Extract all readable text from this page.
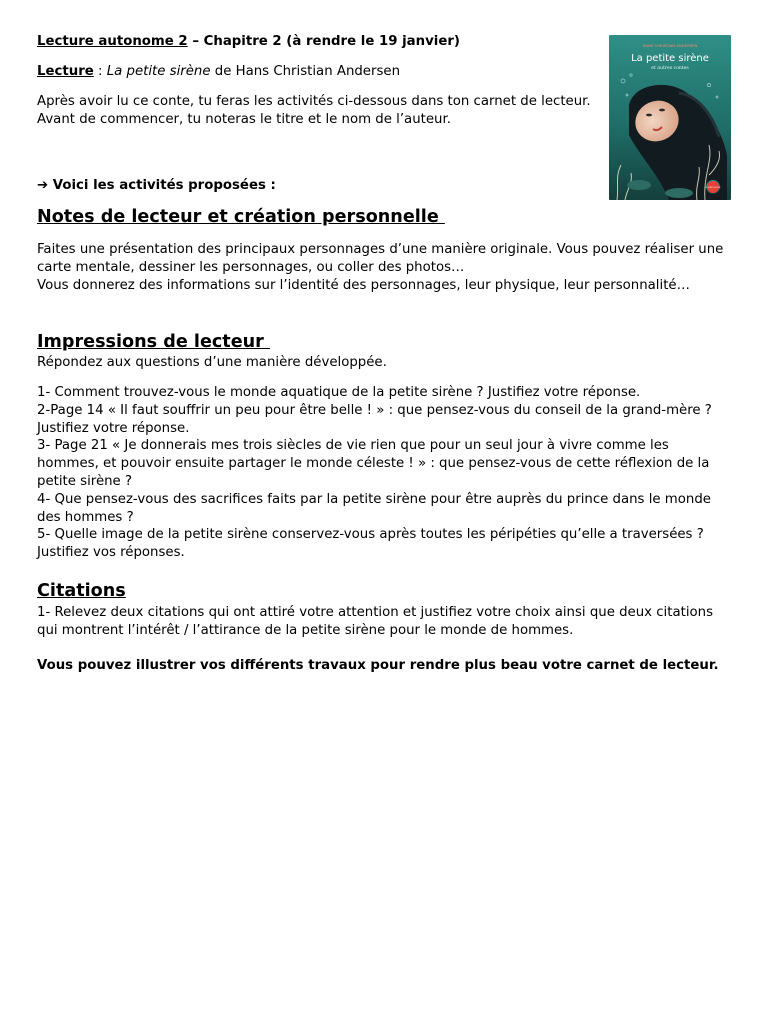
Lecture autonome 2 – Chapitre 2 (à rendre le 19 janvier)

Lecture : La petite sirène de Hans Christian Andersen

Après avoir lu ce conte, tu feras les activités ci-dessous dans ton carnet de lecteur.

Avant de commencer, tu noteras le titre et le nom de l’auteur.

➔ Voici les activités proposées :

Notes de lecteur et création personnelle

Faites une présentation des principaux personnages d’une manière originale. Vous pouvez réaliser une carte mentale, dessiner les personnages, ou coller des photos…

Vous donnerez des informations sur l’identité des personnages, leur physique, leur personnalité…

Impressions de lecteur

Répondez aux questions d’une manière développée.

1- Comment trouvez-vous le monde aquatique de la petite sirène ? Justifiez votre réponse.

2-Page 14 « Il faut souffrir un peu pour être belle ! » : que pensez-vous du conseil de la grand-mère ? Justifiez votre réponse.

3- Page 21 « Je donnerais mes trois siècles de vie rien que pour un seul jour à vivre comme les hommes, et pouvoir ensuite partager le monde céleste ! » : que pensez-vous de cette réflexion de la petite sirène ?

4- Que pensez-vous des sacrifices faits par la petite sirène pour être auprès du prince dans le monde des hommes ?

5- Quelle image de la petite sirène conservez-vous après toutes les péripéties qu’elle a traversées ? Justifiez vos réponses.

Citations

1- Relevez deux citations qui ont attiré votre attention et justifiez votre choix ainsi que deux citations qui montrent l’intérêt / l’attirance de la petite sirène pour le monde de hommes.

Vous pouvez illustrer vos différents travaux pour rendre plus beau votre carnet de lecteur.

HANS CHRISTIAN ANDERSEN
La petite sirène
et autres contes
LE LIVRE DE POCHE
